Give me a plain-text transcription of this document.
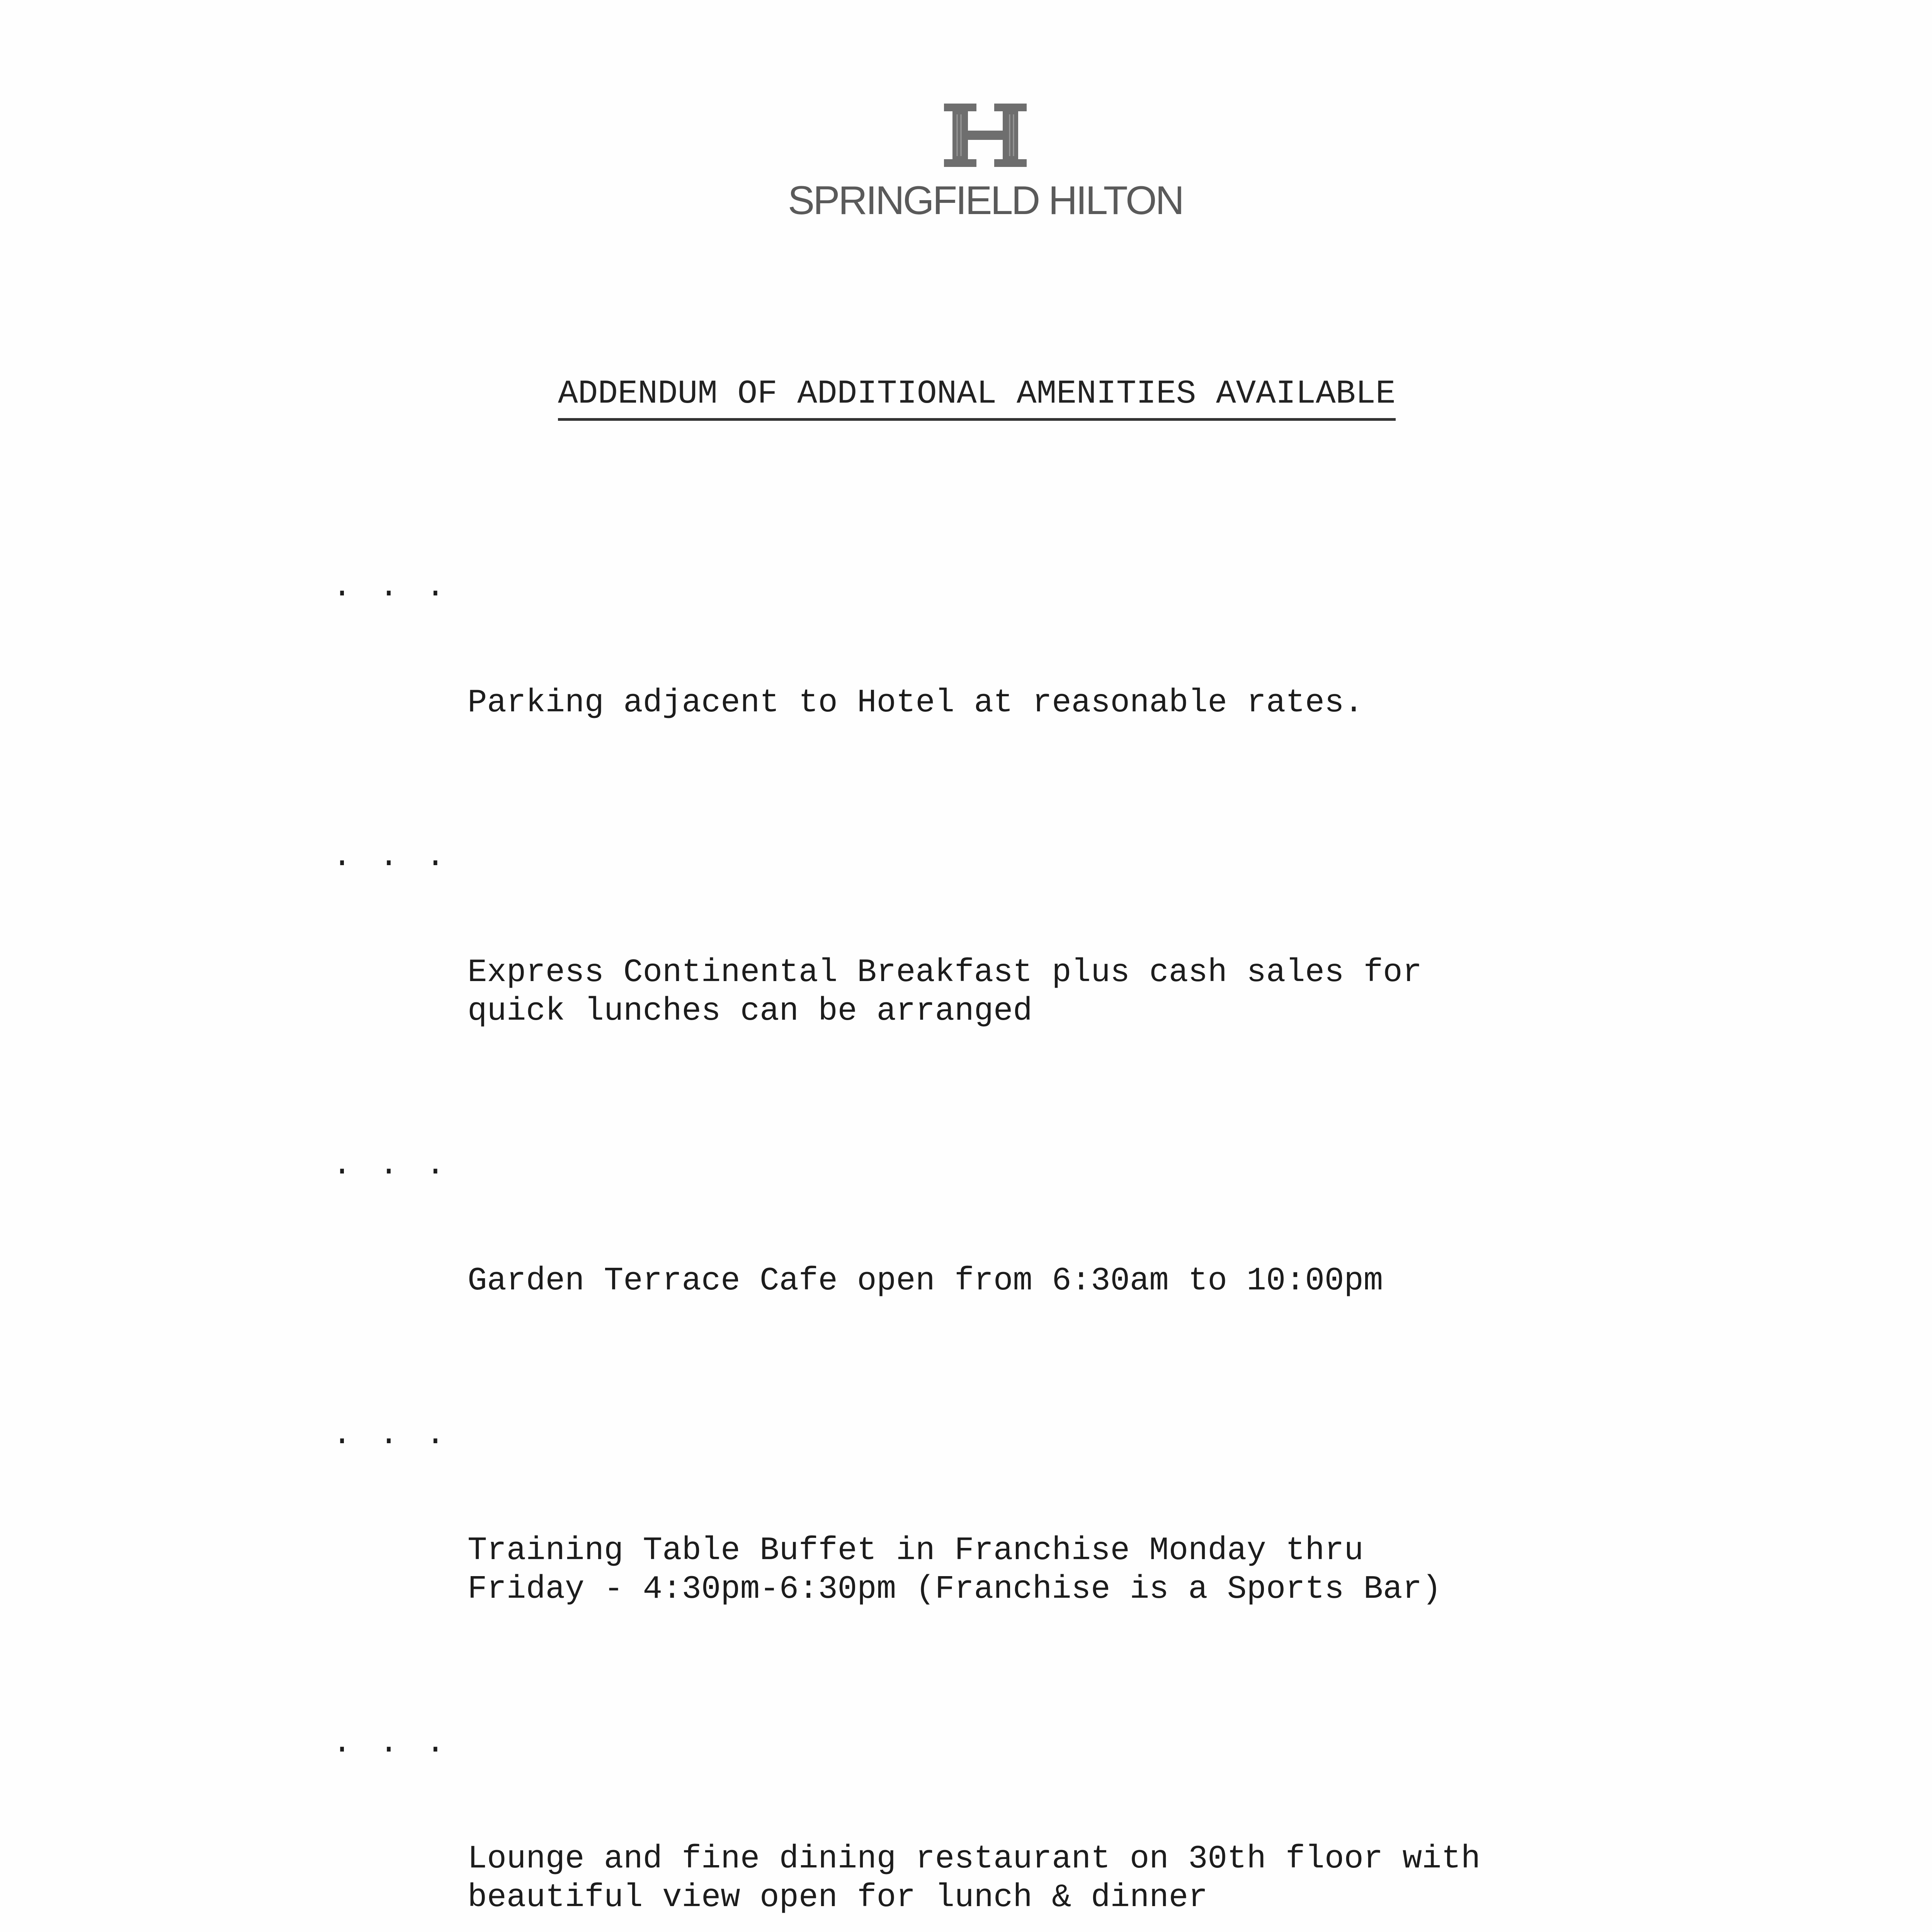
SPRINGFIELD HILTON
ADDENDUM OF ADDITIONAL AMENITIES AVAILABLE

. . .

Parking adjacent to Hotel at reasonable rates.

. . .

Express Continental Breakfast plus cash sales for
quick lunches can be arranged

. . .

Garden Terrace Cafe open from 6:30am to 10:00pm

. . .

Training Table Buffet in Franchise Monday thru
Friday - 4:30pm-6:30pm (Franchise is a Sports Bar)

. . .

Lounge and fine dining restaurant on 30th floor with
beautiful view open for lunch & dinner
